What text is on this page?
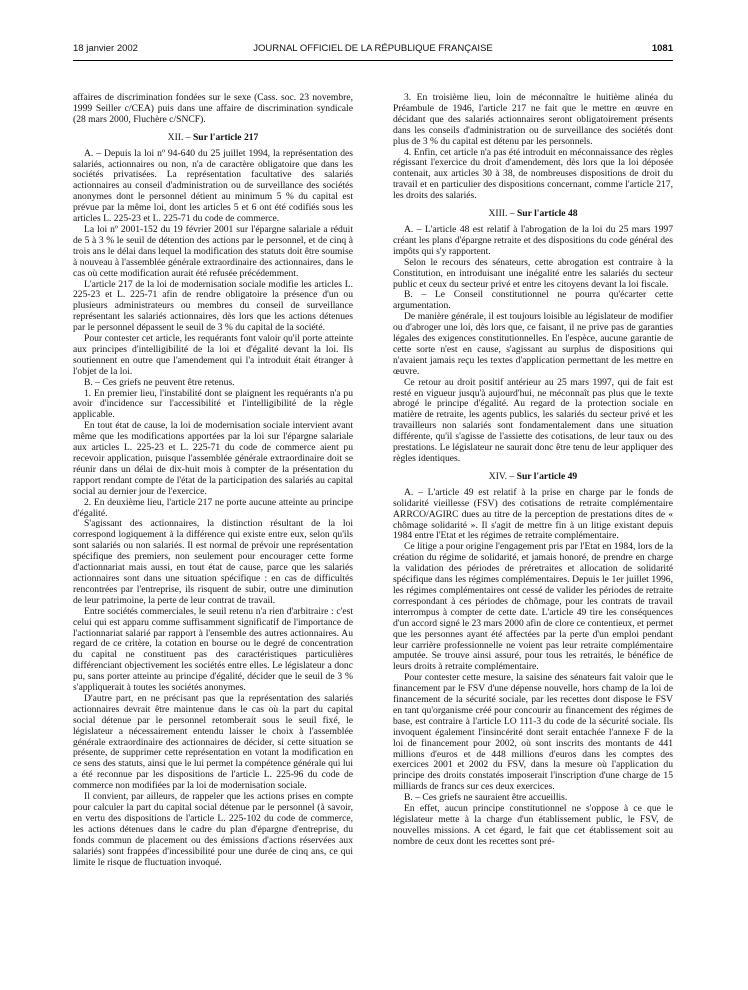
18 janvier 2002	JOURNAL OFFICIEL DE LA RÉPUBLIQUE FRANÇAISE	1081

affaires de discrimination fondées sur le sexe (Cass. soc. 23 novembre, 1999 Seiller c/CEA) puis dans une affaire de discrimination syndicale (28 mars 2000, Fluchère c/SNCF).

XII. – Sur l'article 217

A. – Depuis la loi nº 94-640 du 25 juillet 1994, la représentation des salariés, actionnaires ou non, n'a de caractère obligatoire que dans les sociétés privatisées. La représentation facultative des salariés actionnaires au conseil d'administration ou de surveillance des sociétés anonymes dont le personnel détient au minimum 5 % du capital est prévue par la même loi, dont les articles 5 et 6 ont été codifiés sous les articles L. 225-23 et L. 225-71 du code de commerce.

La loi nº 2001-152 du 19 février 2001 sur l'épargne salariale a réduit de 5 à 3 % le seuil de détention des actions par le personnel, et de cinq à trois ans le délai dans lequel la modification des statuts doit être soumise à nouveau à l'assemblée générale extraordinaire des actionnaires, dans le cas où cette modification aurait été refusée précédemment.

L'article 217 de la loi de modernisation sociale modifie les articles L. 225-23 et L. 225-71 afin de rendre obligatoire la présence d'un ou plusieurs administrateurs ou membres du conseil de surveillance représentant les salariés actionnaires, dès lors que les actions détenues par le personnel dépassent le seuil de 3 % du capital de la société.

Pour contester cet article, les requérants font valoir qu'il porte atteinte aux principes d'intelligibilité de la loi et d'égalité devant la loi. Ils soutiennent en outre que l'amendement qui l'a introduit était étranger à l'objet de la loi.

B. – Ces griefs ne peuvent être retenus.

1. En premier lieu, l'instabilité dont se plaignent les requérants n'a pu avoir d'incidence sur l'accessibilité et l'intelligibilité de la règle applicable.

En tout état de cause, la loi de modernisation sociale intervient avant même que les modifications apportées par la loi sur l'épargne salariale aux articles L. 225-23 et L. 225-71 du code de commerce aient pu recevoir application, puisque l'assemblée générale extraordinaire doit se réunir dans un délai de dix-huit mois à compter de la présentation du rapport rendant compte de l'état de la participation des salariés au capital social au dernier jour de l'exercice.

2. En deuxième lieu, l'article 217 ne porte aucune atteinte au principe d'égalité.

S'agissant des actionnaires, la distinction résultant de la loi correspond logiquement à la différence qui existe entre eux, selon qu'ils sont salariés ou non salariés. Il est normal de prévoir une représentation spécifique des premiers, non seulement pour encourager cette forme d'actionnariat mais aussi, en tout état de cause, parce que les salariés actionnaires sont dans une situation spécifique : en cas de difficultés rencontrées par l'entreprise, ils risquent de subir, outre une diminution de leur patrimoine, la perte de leur contrat de travail.

Entre sociétés commerciales, le seuil retenu n'a rien d'arbitraire : c'est celui qui est apparu comme suffisamment significatif de l'importance de l'actionnariat salarié par rapport à l'ensemble des autres actionnaires. Au regard de ce critère, la cotation en bourse ou le degré de concentration du capital ne constituent pas des caractéristiques particulières différenciant objectivement les sociétés entre elles. Le législateur a donc pu, sans porter atteinte au principe d'égalité, décider que le seuil de 3 % s'appliquerait à toutes les sociétés anonymes.

D'autre part, en ne précisant pas que la représentation des salariés actionnaires devrait être maintenue dans le cas où la part du capital social détenue par le personnel retomberait sous le seuil fixé, le législateur a nécessairement entendu laisser le choix à l'assemblée générale extraordinaire des actionnaires de décider, si cette situation se présente, de supprimer cette représentation en votant la modification en ce sens des statuts, ainsi que le lui permet la compétence générale qui lui a été reconnue par les dispositions de l'article L. 225-96 du code de commerce non modifiées par la loi de modernisation sociale.

Il convient, par ailleurs, de rappeler que les actions prises en compte pour calculer la part du capital social détenue par le personnel (à savoir, en vertu des dispositions de l'article L. 225-102 du code de commerce, les actions détenues dans le cadre du plan d'épargne d'entreprise, du fonds commun de placement ou des émissions d'actions réservées aux salariés) sont frappées d'incessibilité pour une durée de cinq ans, ce qui limite le risque de fluctuation invoqué.

3. En troisième lieu, loin de méconnaître le huitième alinéa du Préambule de 1946, l'article 217 ne fait que le mettre en œuvre en décidant que des salariés actionnaires seront obligatoirement présents dans les conseils d'administration ou de surveillance des sociétés dont plus de 3 % du capital est détenu par les personnels.

4. Enfin, cet article n'a pas été introduit en méconnaissance des règles régissant l'exercice du droit d'amendement, dès lors que la loi déposée contenait, aux articles 30 à 38, de nombreuses dispositions de droit du travail et en particulier des dispositions concernant, comme l'article 217, les droits des salariés.

XIII. – Sur l'article 48

A. – L'article 48 est relatif à l'abrogation de la loi du 25 mars 1997 créant les plans d'épargne retraite et des dispositions du code général des impôts qui s'y rapportent.

Selon le recours des sénateurs, cette abrogation est contraire à la Constitution, en introduisant une inégalité entre les salariés du secteur public et ceux du secteur privé et entre les citoyens devant la loi fiscale.

B. – Le Conseil constitutionnel ne pourra qu'écarter cette argumentation.

De manière générale, il est toujours loisible au législateur de modifier ou d'abroger une loi, dès lors que, ce faisant, il ne prive pas de garanties légales des exigences constitutionnelles. En l'espèce, aucune garantie de cette sorte n'est en cause, s'agissant au surplus de dispositions qui n'avaient jamais reçu les textes d'application permettant de les mettre en œuvre.

Ce retour au droit positif antérieur au 25 mars 1997, qui de fait est resté en vigueur jusqu'à aujourd'hui, ne méconnaît pas plus que le texte abrogé le principe d'égalité. Au regard de la protection sociale en matière de retraite, les agents publics, les salariés du secteur privé et les travailleurs non salariés sont fondamentalement dans une situation différente, qu'il s'agisse de l'assiette des cotisations, de leur taux ou des prestations. Le législateur ne saurait donc être tenu de leur appliquer des règles identiques.

XIV. – Sur l'article 49

A. – L'article 49 est relatif à la prise en charge par le fonds de solidarité vieillesse (FSV) des cotisations de retraite complémentaire ARRCO/AGIRC dues au titre de la perception de prestations dites de « chômage solidarité ». Il s'agit de mettre fin à un litige existant depuis 1984 entre l'Etat et les régimes de retraite complémentaire.

Ce litige a pour origine l'engagement pris par l'Etat en 1984, lors de la création du régime de solidarité, et jamais honoré, de prendre en charge la validation des périodes de préretraites et allocation de solidarité spécifique dans les régimes complémentaires. Depuis le 1er juillet 1996, les régimes complémentaires ont cessé de valider les périodes de retraite correspondant à ces périodes de chômage, pour les contrats de travail interrompus à compter de cette date. L'article 49 tire les conséquences d'un accord signé le 23 mars 2000 afin de clore ce contentieux, et permet que les personnes ayant été affectées par la perte d'un emploi pendant leur carrière professionnelle ne voient pas leur retraite complémentaire amputée. Se trouve ainsi assuré, pour tous les retraités, le bénéfice de leurs droits à retraite complémentaire.

Pour contester cette mesure, la saisine des sénateurs fait valoir que le financement par le FSV d'une dépense nouvelle, hors champ de la loi de financement de la sécurité sociale, par les recettes dont dispose le FSV en tant qu'organisme créé pour concourir au financement des régimes de base, est contraire à l'article LO 111-3 du code de la sécurité sociale. Ils invoquent également l'insincérité dont serait entachée l'annexe F de la loi de financement pour 2002, où sont inscrits des montants de 441 millions d'euros et de 448 millions d'euros dans les comptes des exercices 2001 et 2002 du FSV, dans la mesure où l'application du principe des droits constatés imposerait l'inscription d'une charge de 15 milliards de francs sur ces deux exercices.

B. – Ces griefs ne sauraient être accueillis.

En effet, aucun principe constitutionnel ne s'oppose à ce que le législateur mette à la charge d'un établissement public, le FSV, de nouvelles missions. A cet égard, le fait que cet établissement soit au nombre de ceux dont les recettes sont pré-
